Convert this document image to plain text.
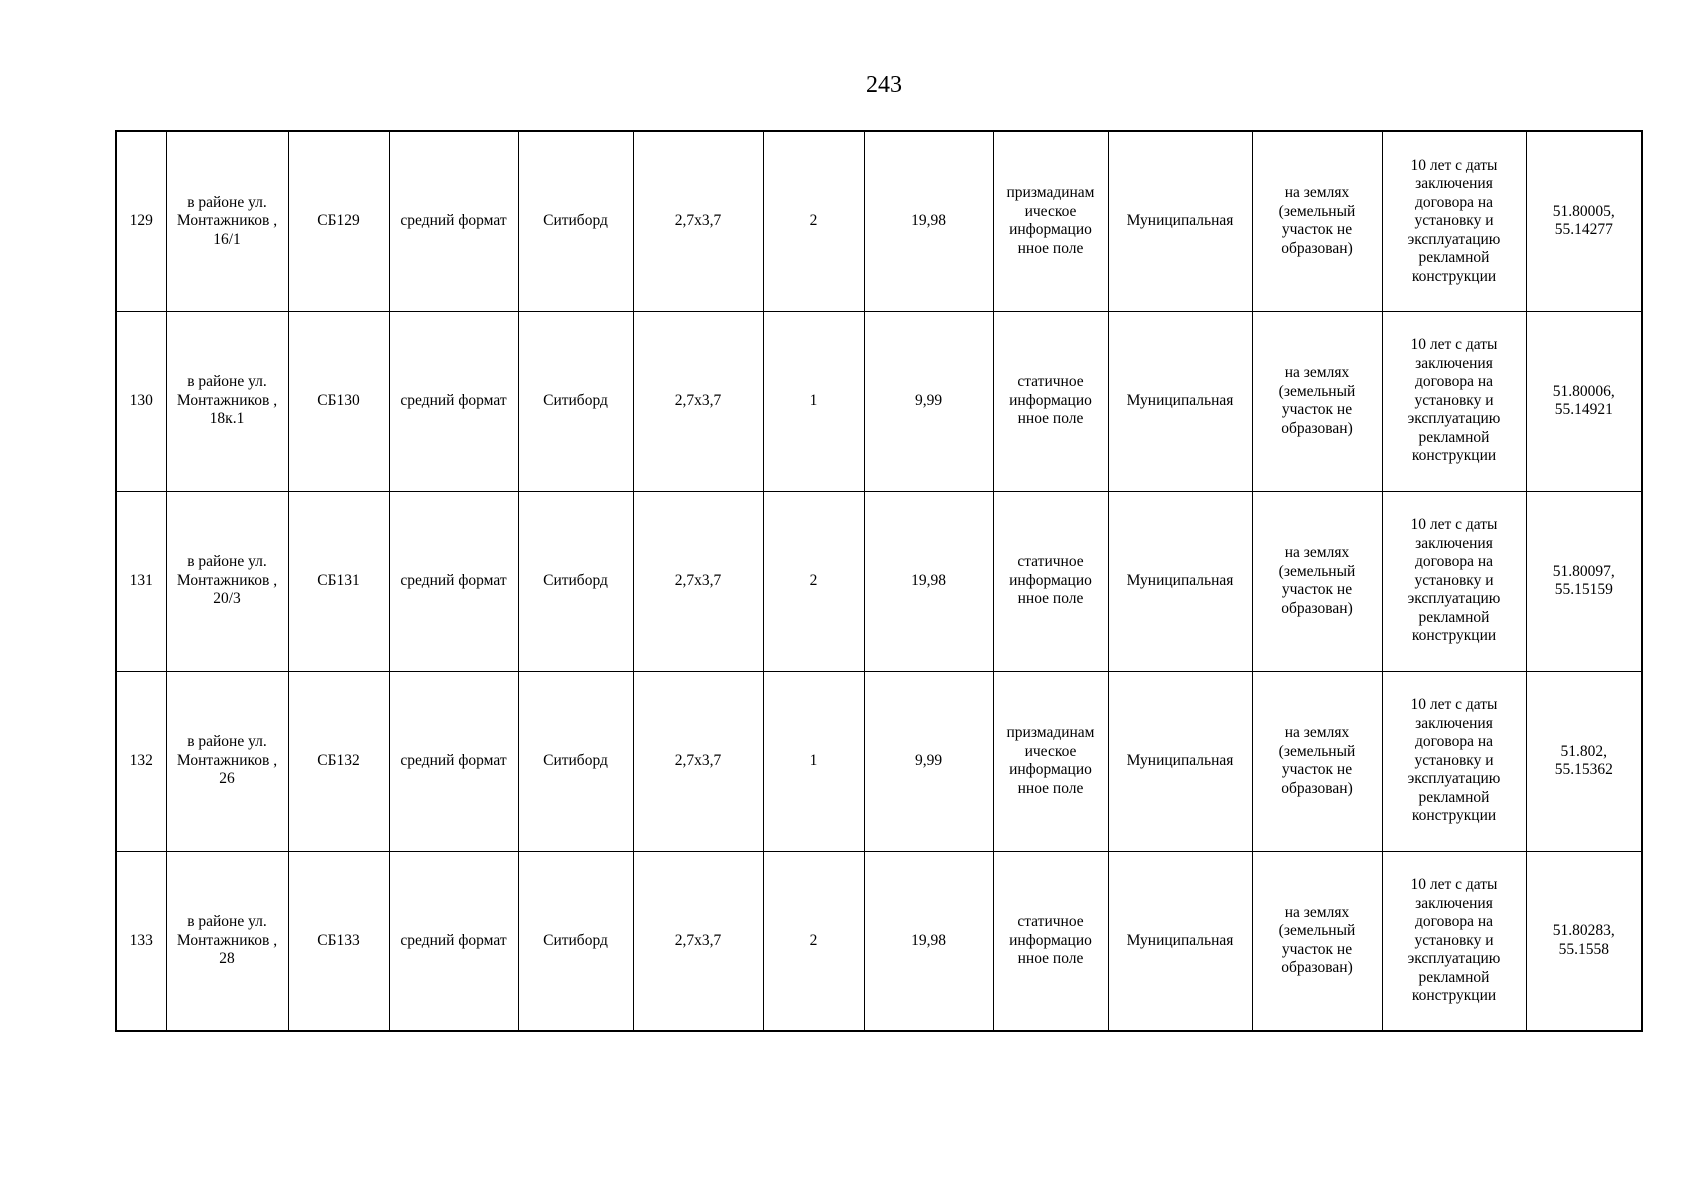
243
129	в районе ул. Монтажников , 16/1	СБ129	средний формат	Ситиборд	2,7х3,7	2	19,98	призмадинам ическое информацио нное поле	Муниципальная	на землях (земельный участок не образован)	10 лет с даты заключения договора на установку и эксплуатацию рекламной конструкции	51.80005, 55.14277
130	в районе ул. Монтажников , 18к.1	СБ130	средний формат	Ситиборд	2,7х3,7	1	9,99	статичное информацио нное поле	Муниципальная	на землях (земельный участок не образован)	10 лет с даты заключения договора на установку и эксплуатацию рекламной конструкции	51.80006, 55.14921
131	в районе ул. Монтажников , 20/3	СБ131	средний формат	Ситиборд	2,7х3,7	2	19,98	статичное информацио нное поле	Муниципальная	на землях (земельный участок не образован)	10 лет с даты заключения договора на установку и эксплуатацию рекламной конструкции	51.80097, 55.15159
132	в районе ул. Монтажников , 26	СБ132	средний формат	Ситиборд	2,7х3,7	1	9,99	призмадинам ическое информацио нное поле	Муниципальная	на землях (земельный участок не образован)	10 лет с даты заключения договора на установку и эксплуатацию рекламной конструкции	51.802, 55.15362
133	в районе ул. Монтажников , 28	СБ133	средний формат	Ситиборд	2,7х3,7	2	19,98	статичное информацио нное поле	Муниципальная	на землях (земельный участок не образован)	10 лет с даты заключения договора на установку и эксплуатацию рекламной конструкции	51.80283, 55.1558
